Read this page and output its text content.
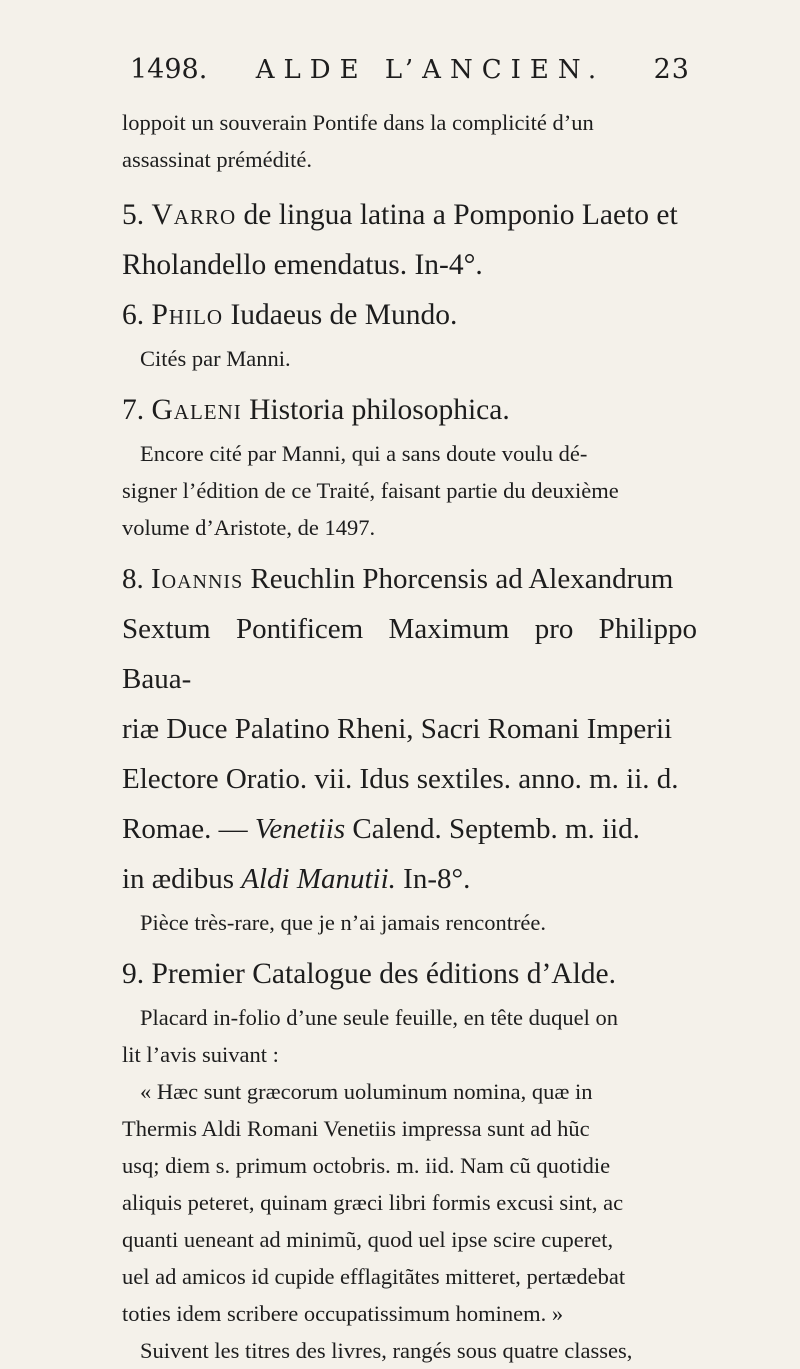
1498. ALDE L’ANCIEN. 23

loppoit un souverain Pontife dans la complicité d’un

assassinat prémédité.

5. Varro de lingua latina a Pomponio Laeto et

Rholandello emendatus. In-4°.

6. Philo Iudaeus de Mundo.

Cités par Manni.

7. Galeni Historia philosophica.

Encore cité par Manni, qui a sans doute voulu dé-

signer l’édition de ce Traité, faisant partie du deuxième

volume d’Aristote, de 1497.

8. Ioannis Reuchlin Phorcensis ad Alexandrum

Sextum Pontificem Maximum pro Philippo Baua-

riæ Duce Palatino Rheni, Sacri Romani Imperii

Electore Oratio. vii. Idus sextiles. anno. m. ii. d.

Romae. — Venetiis Calend. Septemb. m. iid.

in ædibus Aldi Manutii. In-8°.

Pièce très-rare, que je n’ai jamais rencontrée.

9. Premier Catalogue des éditions d’Alde.

Placard in-folio d’une seule feuille, en tête duquel on

lit l’avis suivant :

« Hæc sunt græcorum uoluminum nomina, quæ in

Thermis Aldi Romani Venetiis impressa sunt ad hũc

usq; diem s. primum octobris. m. iid. Nam cũ quotidie

aliquis peteret, quinam græci libri formis excusi sint, ac

quanti ueneant ad minimũ, quod uel ipse scire cuperet,

uel ad amicos id cupide efflagitãtes mitteret, pertædebat

toties idem scribere occupatissimum hominem. »

Suivent les titres des livres, rangés sous quatre classes,
